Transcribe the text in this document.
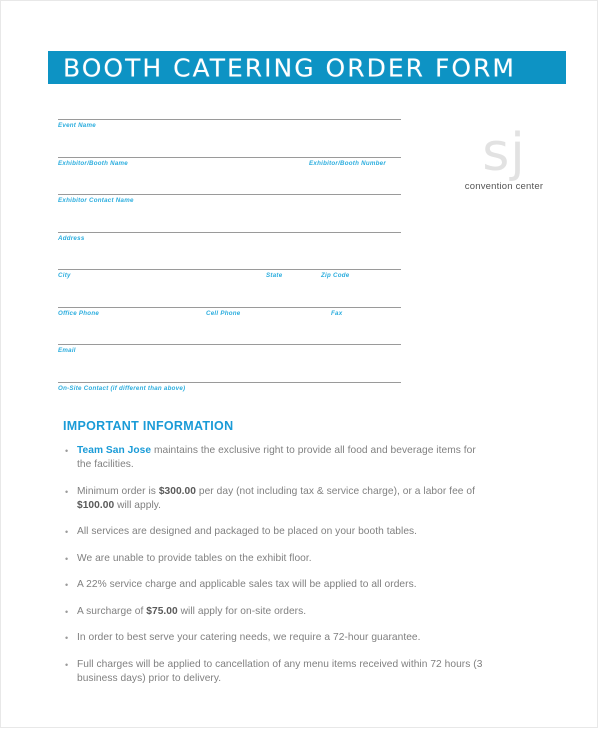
BOOTH CATERING ORDER FORM
sj
convention center
Event Name
Exhibitor/Booth Name	Exhibitor/Booth Number
Exhibitor Contact Name
Address
City	State	Zip Code
Office Phone	Cell Phone	Fax
Email
On-Site Contact (if different than above)
IMPORTANT INFORMATION
• Team San Jose maintains the exclusive right to provide all food and beverage items for the facilities.
• Minimum order is $300.00 per day (not including tax & service charge), or a labor fee of $100.00 will apply.
• All services are designed and packaged to be placed on your booth tables.
• We are unable to provide tables on the exhibit floor.
• A 22% service charge and applicable sales tax will be applied to all orders.
• A surcharge of $75.00 will apply for on-site orders.
• In order to best serve your catering needs, we require a 72-hour guarantee.
• Full charges will be applied to cancellation of any menu items received within 72 hours (3 business days) prior to delivery.
